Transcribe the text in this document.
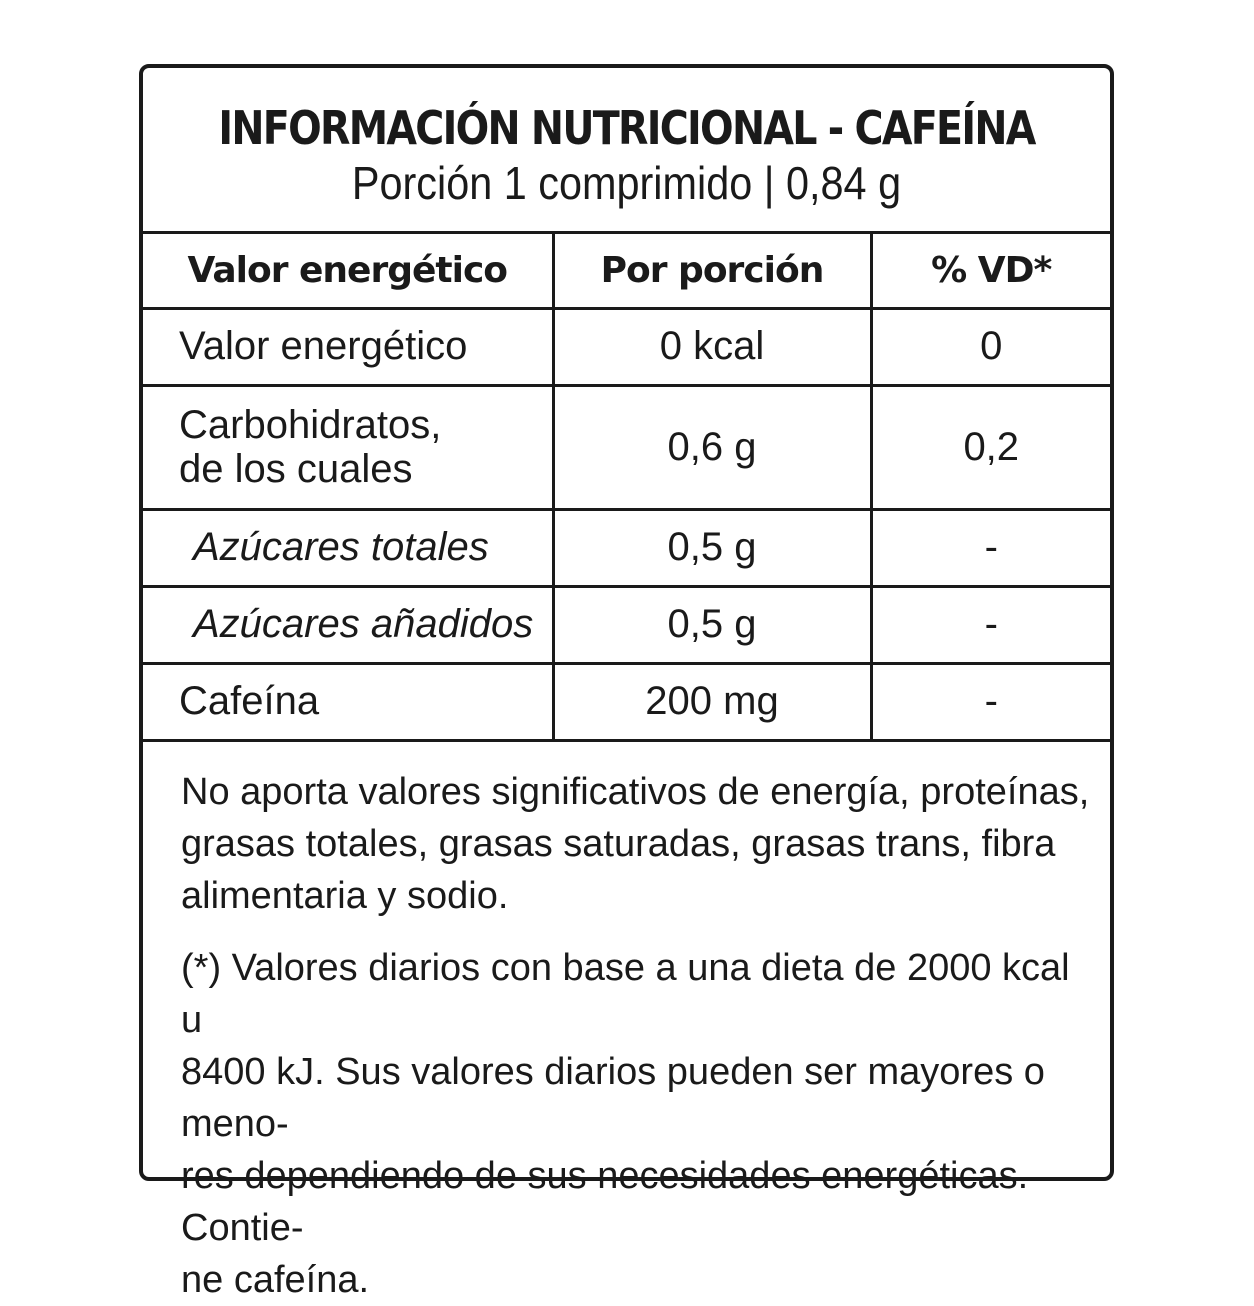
INFORMACIÓN NUTRICIONAL - CAFEÍNA
Porción 1 comprimido | 0,84 g
Valor energético	Por porción	% VD*
Valor energético	0 kcal	0
Carbohidratos,
de los cuales	0,6 g	0,2
Azúcares totales	0,5 g	-
Azúcares añadidos	0,5 g	-
Cafeína	200 mg	-

No aporta valores significativos de energía, proteínas,
grasas totales, grasas saturadas, grasas trans, fibra
alimentaria y sodio.

(*) Valores diarios con base a una dieta de 2000 kcal u
8400 kJ. Sus valores diarios pueden ser mayores o meno-
res dependiendo de sus necesidades energéticas. Contie-
ne cafeína.
